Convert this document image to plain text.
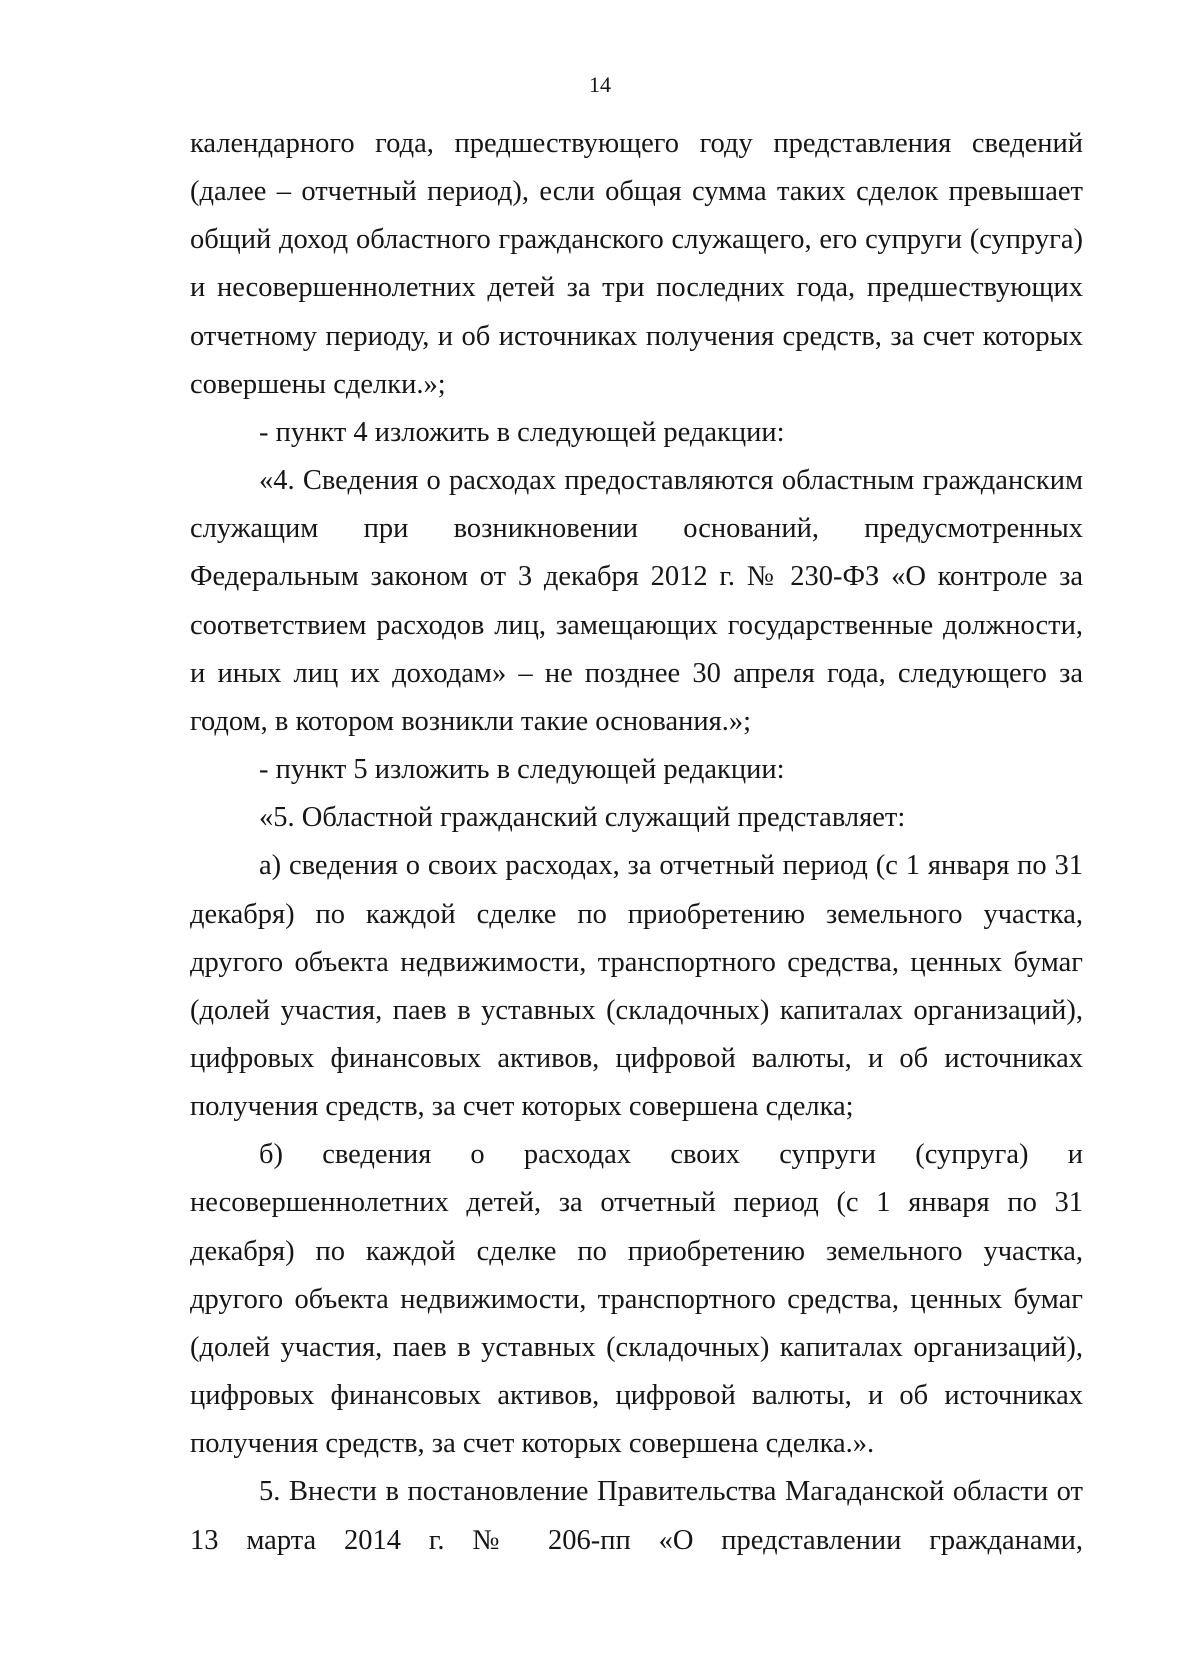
14

календарного года, предшествующего году представления сведений (далее – отчетный период), если общая сумма таких сделок превышает общий доход областного гражданского служащего, его супруги (супруга) и несовершеннолетних детей за три последних года, предшествующих отчетному периоду, и об источниках получения средств, за счет которых совершены сделки.»;

- пункт 4 изложить в следующей редакции:

«4. Сведения о расходах предоставляются областным гражданским служащим при возникновении оснований, предусмотренных Федеральным законом от 3 декабря 2012 г. № 230-ФЗ «О контроле за соответствием расходов лиц, замещающих государственные должности, и иных лиц их доходам» – не позднее 30 апреля года, следующего за годом, в котором возникли такие основания.»;

- пункт 5 изложить в следующей редакции:

«5. Областной гражданский служащий представляет:

а) сведения о своих расходах, за отчетный период (с 1 января по 31 декабря) по каждой сделке по приобретению земельного участка, другого объекта недвижимости, транспортного средства, ценных бумаг (долей участия, паев в уставных (складочных) капиталах организаций), цифровых финансовых активов, цифровой валюты, и об источниках получения средств, за счет которых совершена сделка;

б) сведения о расходах своих супруги (супруга) и несовершеннолетних детей, за отчетный период (с 1 января по 31 декабря) по каждой сделке по приобретению земельного участка, другого объекта недвижимости, транспортного средства, ценных бумаг (долей участия, паев в уставных (складочных) капиталах организаций), цифровых финансовых активов, цифровой валюты, и об источниках получения средств, за счет которых совершена сделка.».

5. Внести в постановление Правительства Магаданской области от 13 марта 2014 г. № 206-пп «О представлении гражданами,
